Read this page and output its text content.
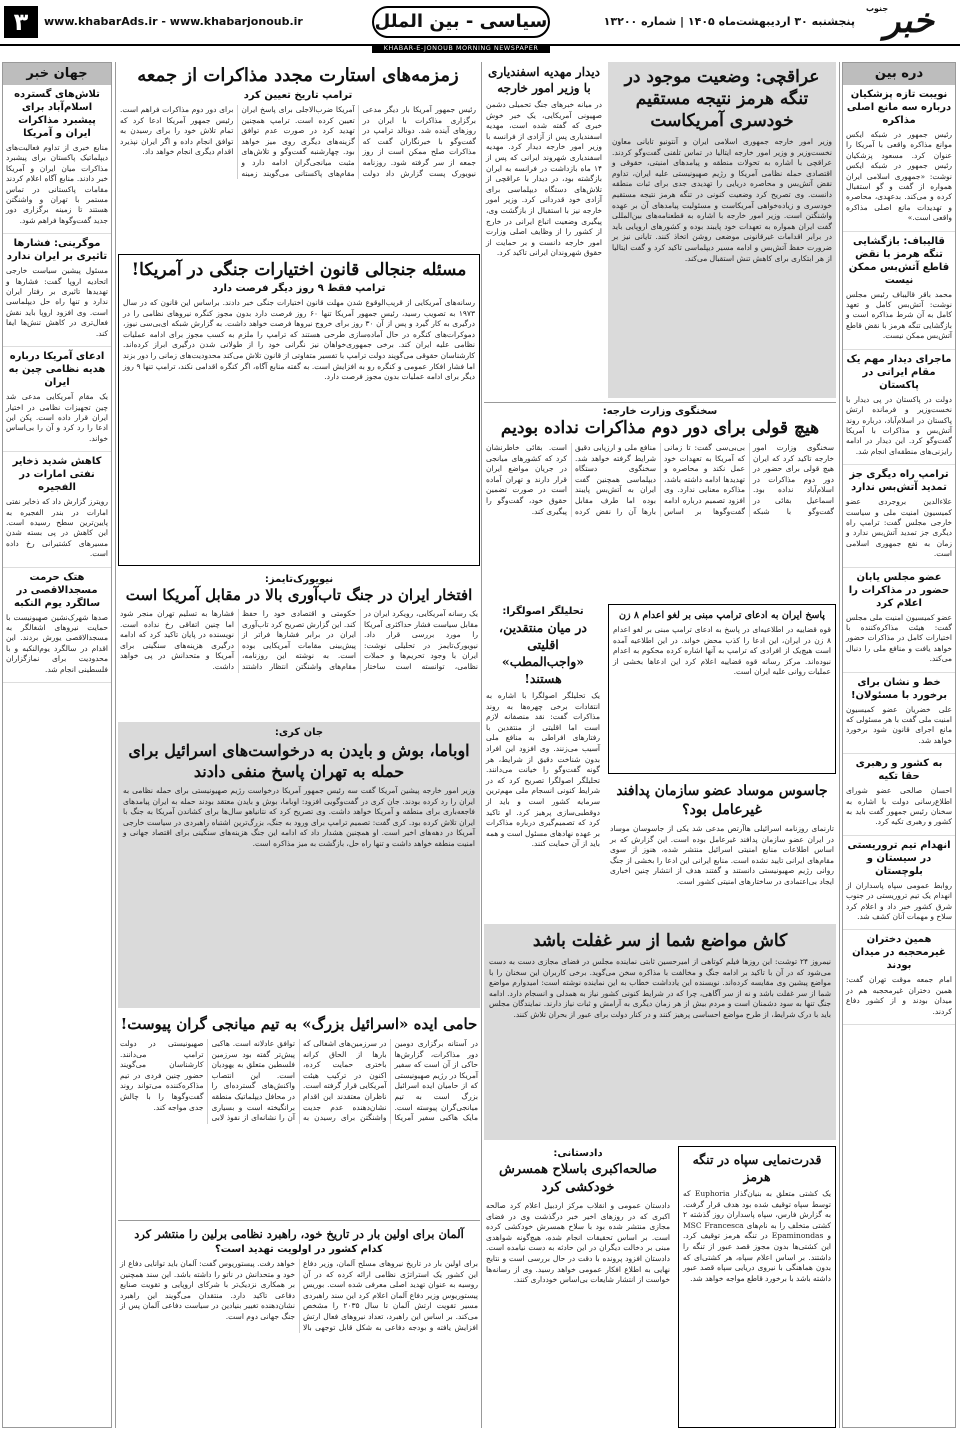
۳	www.khabarAds.ir - www.khabarjonoub.ir	سیاسی - بین الملل	پنجشنبه ۳۰ اردیبهشت‌ماه ۱۴۰۵ | شماره ۱۳۲۰۰ خبر
جنوب
KHABAR-E-JONOUB MORNING NEWSPAPER
دره بین
نویبت تازه پزشکیان درباره سه مانع اصلی مذاکره
رئیس جمهور در شبکه ایکس موانع مذاکره واقعی با آمریکا را عنوان کرد. مسعود پزشکیان رئیس جمهور در شبکه ایکس نوشت: «جمهوری اسلامی ایران همواره از گفت و گو استقبال کرده و می‌کند. بدعهدی، محاصره و تهدیدات مانع اصلی مذاکره واقعی است.»
قالیباف: بازگشایی تنگه هرمز با نقض قاطع آتش‌بس ممکن نیست
محمد باقر قالیباف رئیس مجلس نوشت: آتش‌بس کامل و تعهد کامل به آن شرط مذاکره است و بازگشایی تنگه هرمز با نقض قاطع آتش‌بس ممکن نیست.
ماجرای دیدار مهم یک مقام ایرانی در پاکستان
دولت در پاکستان در پی دیدار با نخست‌وزیر و فرمانده ارتش پاکستان در اسلام‌آباد، درباره روند آتش‌بس و مذاکرات با آمریکا گفت‌وگو کرد. این دیدار در ادامه رایزنی‌های منطقه‌ای انجام شد.
ترامپ راه دیگری جز تمدید آتش‌بس ندارد
علاءالدین بروجردی عضو کمیسیون امنیت ملی و سیاست خارجی مجلس گفت: ترامپ راه دیگری جز تمدید آتش‌بس ندارد و زمان به نفع جمهوری اسلامی است.
عضو مجلس یابان حضور در مذاکرات را اعلام کرد
عضو کمیسیون امنیت ملی مجلس گفت: هیئت مذاکره‌کننده با اختیارات کامل در مذاکرات حضور خواهد یافت و منافع ملی را دنبال می‌کند.
خط و نشان برای برخورد با مسئولان!
علی خضریان عضو کمیسیون امنیت ملی گفت با هر مسئولی که مانع اجرای قانون شود برخورد خواهد شد.
به کشور و رهبری حقا تکیه
احسان صالحی عضو شورای اطلاع‌رسانی دولت با اشاره به سخنان رئیس جمهور گفت باید به کشور و رهبری تکیه کرد.
انهدام تیم تروریستی در سیستان و بلوچستان
روابط عمومی سپاه پاسداران از انهدام یک تیم تروریستی در جنوب شرق کشور خبر داد و اعلام کرد سلاح و مهمات آنان کشف شد.
همین دختران غیرمحجبه در میدان بودند
امام جمعه موقت تهران گفت: همین دختران غیرمحجبه هم در میدان بودند و از کشور دفاع کردند.
جهان خبر
تلاش‌های گسترده اسلام‌آباد برای پیشبرد مذاکرات ایران و آمریکا
منابع خبری از تداوم فعالیت‌های دیپلماتیک پاکستان برای پیشبرد مذاکرات میان ایران و آمریکا خبر دادند. منابع آگاه اعلام کردند مقامات پاکستانی در تماس مستمر با تهران و واشنگتن هستند تا زمینه برگزاری دور جدید گفت‌وگوها فراهم شود.
موگرینی: فشارها تاثیری بر ایران ندارد
مسئول پیشین سیاست خارجی اتحادیه اروپا گفت: فشارها و تهدیدها تاثیری بر رفتار ایران ندارد و تنها راه حل دیپلماسی است. وی افزود اروپا باید نقش فعال‌تری در کاهش تنش‌ها ایفا کند.
ادعای آمریکا درباره هدیه نظامی چین به ایران
یک مقام آمریکایی مدعی شد چین تجهیزات نظامی در اختیار ایران قرار داده است. پکن این ادعا را رد کرد و آن را بی‌اساس خواند.
کاهش شدید ذخایر نفتی امارات در الفجیره
رویترز گزارش داد که ذخایر نفتی امارات در بندر الفجیره به پایین‌ترین سطح رسیده است. این کاهش در پی بسته شدن مسیرهای کشتیرانی رخ داده است.
هتک حرمت مسجدالاقصی در سالگرد یوم النکبه
صدها شهرک‌نشین صهیونیست با حمایت نیروهای اشغالگر به مسجدالاقصی یورش بردند. این اقدام در سالگرد یوم‌النکبه و با محدودیت برای نمازگزاران فلسطینی انجام شد.
عراقچی: وضعیت موجود در تنگه هرمز نتیجه مستقیم خودسری آمریکاست
وزیر امور خارجه جمهوری اسلامی ایران و آنتونیو تایانی معاون نخست‌وزیر و وزیر امور خارجه ایتالیا در تماس تلفنی گفت‌وگو کردند. عراقچی با اشاره به تحولات منطقه و پیامدهای امنیتی، حقوقی و اقتصادی حمله نظامی آمریکا و رژیم صهیونیستی علیه ایران، تداوم نقض آتش‌بس و محاصره دریایی را تهدیدی جدی برای ثبات منطقه دانست. وی تصریح کرد وضعیت کنونی در تنگه هرمز نتیجه مستقیم خودسری و زیاده‌خواهی آمریکاست و مسئولیت پیامدهای آن بر عهده واشنگتن است. وزیر امور خارجه با اشاره به قطعنامه‌های بین‌المللی گفت ایران همواره به تعهدات خود پایبند بوده و کشورهای اروپایی باید در برابر اقدامات غیرقانونی موضعی روشن اتخاذ کنند. تایانی نیز بر ضرورت حفظ آتش‌بس و ادامه مسیر دیپلماسی تاکید کرد و گفت ایتالیا از هر ابتکاری برای کاهش تنش استقبال می‌کند.
دیدار مهدیه اسفندیاری با وزیر امور خارجه
در میانه خبرهای جنگ تحمیلی دشمن صهیونی آمریکایی، یک خبر خوش خبری که گفته شده است، مهدیه اسفندیاری پس از آزادی از فرانسه با وزیر امور خارجه دیدار کرد. مهدیه اسفندیاری شهروند ایرانی که پس از ۱۴ ماه بازداشت در فرانسه به ایران بازگشته بود، در دیدار با عراقچی از تلاش‌های دستگاه دیپلماسی برای آزادی خود قدردانی کرد. وزیر امور خارجه نیز با استقبال از بازگشت وی، پیگیری وضعیت اتباع ایرانی در خارج از کشور را از وظایف اصلی وزارت امور خارجه دانست و بر حمایت از حقوق شهروندان ایرانی تاکید کرد.
زمزمه‌های استارت مجدد مذاکرات از جمعه
ترامپ تاریخ تعیین کرد
رئیس جمهور آمریکا بار دیگر مدعی برگزاری مذاکرات با ایران در روزهای آینده شد. دونالد ترامپ در گفت‌وگو با خبرنگاران گفت که مذاکرات صلح ممکن است از روز جمعه از سر گرفته شود. روزنامه نیویورک پست گزارش داد دولت آمریکا ضرب‌الاجلی برای پاسخ ایران تعیین کرده است. ترامپ همچنین تهدید کرد در صورت عدم توافق گزینه‌های دیگری روی میز خواهد بود. چهارشنبه گفت‌وگو و تلاش‌های مثبت میانجی‌گران ادامه دارد و مقام‌های پاکستانی می‌گویند زمینه برای دور دوم مذاکرات فراهم است. رئیس جمهور آمریکا ادعا کرد که تمام تلاش خود را برای رسیدن به توافق انجام داده و اگر ایران نپذیرد اقدام دیگری انجام خواهد داد.
مسئله جنجالی قانون اختیارات جنگی در آمریکا!
ترامپ فقط ۹ روز دیگر فرصت دارد
رسانه‌های آمریکایی از قریب‌الوقوع شدن مهلت قانون اختیارات جنگی خبر دادند. براساس این قانون که در سال ۱۹۷۳ به تصویب رسید، رئیس جمهور آمریکا تنها ۶۰ روز فرصت دارد بدون مجوز کنگره نیروهای نظامی را در درگیری به کار گیرد و پس از آن ۳۰ روز برای خروج نیروها فرصت خواهد داشت. به گزارش شبکه ای‌بی‌سی نیوز، دموکرات‌های کنگره در حال آماده‌سازی طرحی هستند که ترامپ را ملزم به کسب مجوز برای ادامه عملیات نظامی علیه ایران کند. برخی جمهوری‌خواهان نیز نگرانی خود را از طولانی شدن درگیری ابراز کرده‌اند. کارشناسان حقوقی می‌گویند دولت ترامپ با تفسیر متفاوتی از قانون تلاش می‌کند محدودیت‌های زمانی را دور بزند اما فشار افکار عمومی و کنگره رو به افزایش است. به گفته منابع آگاه، اگر کنگره اقدامی نکند، ترامپ تنها ۹ روز دیگر برای ادامه عملیات بدون مجوز فرصت دارد.
سخنگوی وزارت خارجه:
هیچ قولی برای دور دوم مذاکرات نداده بودیم
سخنگوی وزارت امور خارجه تاکید کرد که ایران هیچ قولی برای حضور در دور دوم مذاکرات در اسلام‌آباد نداده بود. اسماعیل بقائی در گفت‌وگو با شبکه بی‌بی‌سی گفت: تا زمانی که آمریکا به تعهدات خود عمل نکند و محاصره و تهدیدها ادامه داشته باشد، مذاکره معنایی ندارد. وی افزود تصمیم درباره ادامه گفت‌وگوها بر اساس منافع ملی و ارزیابی دقیق شرایط گرفته خواهد شد. سخنگوی دستگاه دیپلماسی همچنین گفت ایران به آتش‌بس پایبند بوده اما طرف مقابل بارها آن را نقض کرده است. بقائی خاطرنشان کرد که کشورهای میانجی در جریان مواضع ایران قرار دارند و تهران آماده است در صورت تضمین حقوق خود، گفت‌وگو را پیگیری کند.
نیویورک‌تایمز:
افتخار ایران در جنگ تاب‌آوری بالا در مقابل آمریکا است
یک رسانه آمریکایی، رویکرد ایران در مقابل سیاست فشار حداکثری آمریکا را مورد بررسی قرار داد. نیویورک‌تایمز در تحلیلی نوشت: ایران با وجود تحریم‌ها و حملات نظامی، توانسته است ساختار حکومتی و اقتصادی خود را حفظ کند. این گزارش تصریح کرد تاب‌آوری ایران در برابر فشارها فراتر از پیش‌بینی مقامات آمریکایی بوده است. به نوشته این روزنامه، مقام‌های واشنگتن انتظار داشتند فشارها به تسلیم تهران منجر شود اما چنین اتفاقی رخ نداده است. نویسنده در پایان تاکید کرد که ادامه درگیری هزینه‌های سنگینی برای آمریکا و متحدانش در پی خواهد داشت.
پاسخ ایران به ادعای ترامپ مبنی بر لغو اعدام ۸ زن
قوه قضاییه در اطلاعیه‌ای در پاسخ به ادعای ترامپ مبنی بر لغو اعدام ۸ زن در ایران، این ادعا را کذب محض خواند. در این اطلاعیه آمده است هیچ‌یک از افرادی که ترامپ به آنها اشاره کرده محکوم به اعدام نبوده‌اند. مرکز رسانه قوه قضاییه اعلام کرد این ادعاها بخشی از عملیات روانی علیه ایران است.
جاسوس موساد عضو سازمان پدافند غیرعامل بود؟
تارنمای روزنامه اسرائیلی هاآرتص مدعی شد یکی از جاسوسان موساد در ایران عضو سازمان پدافند غیرعامل بوده است. این گزارش که بر اساس اطلاعات منابع امنیتی اسرائیل منتشر شده، هنوز از سوی مقام‌های ایرانی تایید نشده است. منابع ایرانی این ادعا را بخشی از جنگ روانی رژیم صهیونیستی دانستند و گفتند هدف از انتشار چنین اخباری ایجاد بی‌اعتمادی در ساختارهای امنیتی کشور است.
تحلیلگر اصولگرا:
در میان منتقدین، اقلیتی «واجب‌المطب» هستند!
یک تحلیلگر اصولگرا با اشاره به انتقادات برخی چهره‌ها به روند مذاکرات گفت: نقد منصفانه لازم است اما اقلیتی از منتقدین با رفتارهای افراطی به منافع ملی آسیب می‌زنند. وی افزود این افراد بدون شناخت دقیق از شرایط، هر گونه گفت‌وگو را خیانت می‌دانند. تحلیلگر اصولگرا تصریح کرد که در شرایط کنونی انسجام ملی مهم‌ترین سرمایه کشور است و باید از دوقطبی‌سازی پرهیز کرد. او تاکید کرد که تصمیم‌گیری درباره مذاکرات بر عهده نهادهای مسئول است و همه باید از آن حمایت کنند.
جان کری:
اوباما، بوش و بایدن به درخواست‌های اسرائیل برای حمله به تهران پاسخ منفی دادند
وزیر امور خارجه پیشین آمریکا گفت سه رئیس جمهور آمریکا درخواست رژیم صهیونیستی برای حمله نظامی به ایران را رد کرده بودند. جان کری در گفت‌وگویی افزود: اوباما، بوش و بایدن معتقد بودند حمله به ایران پیامدهای فاجعه‌باری برای منطقه و آمریکا خواهد داشت. وی تصریح کرد که نتانیاهو سال‌ها برای کشاندن آمریکا به جنگ با ایران تلاش کرده بود. کری گفت: تصمیم ترامپ برای ورود به جنگ، بزرگ‌ترین اشتباه راهبردی در سیاست خارجی آمریکا در دهه‌های اخیر است. او همچنین هشدار داد که ادامه این جنگ هزینه‌های سنگینی برای اقتصاد جهانی و امنیت منطقه خواهد داشت و تنها راه حل، بازگشت به میز مذاکره است.
کاش مواضع شما از سر غفلت باشد
نیمروز ۲۴ توشت: این روزها فیلم کوتاهی از امیرحسین ثابتی نماینده مجلس در فضای مجازی دست به دست می‌شود که در آن با تاکید بر ادامه جنگ و مخالفت با مذاکره سخن می‌گوید. برخی کاربران این سخنان را با مواضع پیشین وی مقایسه کرده‌اند. نویسنده این یادداشت خطاب به این نماینده نوشته است: امیدوارم مواضع شما از سر غفلت باشد و نه از سر آگاهی، چرا که در شرایط کنونی کشور نیاز به همدلی و انسجام دارد. ادامه جنگ تنها به سود دشمنان است و مردم بیش از هر زمان دیگری به آرامش و ثبات نیاز دارند. نمایندگان مجلس باید با درک شرایط، از طرح مواضع احساسی پرهیز کنند و در کنار دولت برای عبور از بحران تلاش کنند.
حامی ایده «اسرائیل بزرگ» به‌ تیم میانجی گران پیوست!
در آستانه برگزاری دومین دور مذاکرات، گزارش‌ها حاکی از آن است که سفیر آمریکا در رژیم صهیونیستی که از حامیان ایده اسرائیل بزرگ است به تیم میانجی‌گران پیوسته است. مایک هاکبی سفیر آمریکا در سرزمین‌های اشغالی که بارها از الحاق کرانه باختری حمایت کرده، اکنون در ترکیب هیئت آمریکایی قرار گرفته است. ناظران معتقدند این اقدام نشان‌دهنده عدم جدیت واشنگتن برای رسیدن به توافق عادلانه است. هاکبی پیش‌تر گفته بود سرزمین فلسطین متعلق به یهودیان است. این انتصاب واکنش‌های گسترده‌ای را در محافل دیپلماتیک منطقه برانگیخته است و بسیاری آن را نشانه‌ای از نفوذ لابی صهیونیستی در دولت ترامپ می‌دانند. کارشناسان می‌گویند حضور چنین فردی در تیم مذاکره‌کننده می‌تواند روند گفت‌وگوها را با چالش جدی مواجه کند.
آلمان برای اولین بار در تاریخ خود، راهبرد نظامی برلین را منتشر کرد
کدام کشور در اولویت تهدید است؟
برای اولین بار در تاریخ نیروهای مسلح آلمان، وزیر دفاع این کشور یک استراتژی نظامی ارائه کرده که در آن روسیه به عنوان تهدید اصلی معرفی شده است. بوریس پیستوریوس وزیر دفاع آلمان اعلام کرد این سند راهبردی مسیر تقویت ارتش آلمان تا سال ۲۰۳۵ را مشخص می‌کند. بر اساس این راهبرد، تعداد نیروهای فعال ارتش افزایش یافته و بودجه دفاعی به شکل قابل توجهی بالا خواهد رفت. پیستوریوس گفت: آلمان باید توانایی دفاع از خود و متحدانش در ناتو را داشته باشد. این سند همچنین بر همکاری نزدیک‌تر با شرکای اروپایی و تقویت صنایع دفاعی تاکید دارد. منتقدان می‌گویند این راهبرد نشان‌دهنده تغییر بنیادین در سیاست دفاعی آلمان پس از جنگ جهانی دوم است.
قدرت‌نمایی سپاه در تنگه هرمز
یک کشتی متعلق به بنیان‌گذار Euphoria که توسط سپاه توقیف شده بود هدف قرار گرفت. به گزارش فارس، سپاه پاسداران روز گذشته ۲ کشتی متخلف را به نام‌های MSC Francesca و Epaminondas در تنگه هرمز توقیف کرد. این کشتی‌ها بدون مجوز قصد عبور از تنگه را داشتند. بر اساس اعلام سپاه، هر کشتی‌ای که بدون هماهنگی با نیروی دریایی سپاه قصد عبور داشته باشد با برخورد قاطع مواجه خواهد شد.
دادستانی:
صالحه‌اکبری باسلاح همسرش خودکشی کرد
دادستان عمومی و انقلاب مرکز اردبیل اعلام کرد صالحه اکبری که در روزهای اخیر خبر درگذشت وی در فضای مجازی منتشر شده بود با سلاح همسرش خودکشی کرده است. بر اساس تحقیقات انجام شده، هیچ‌گونه شواهدی مبنی بر دخالت دیگران در این حادثه به دست نیامده است. دادستان افزود پرونده با دقت در حال بررسی است و نتایج نهایی به اطلاع افکار عمومی خواهد رسید. وی از رسانه‌ها خواست از انتشار شایعات بی‌اساس خودداری کنند.
